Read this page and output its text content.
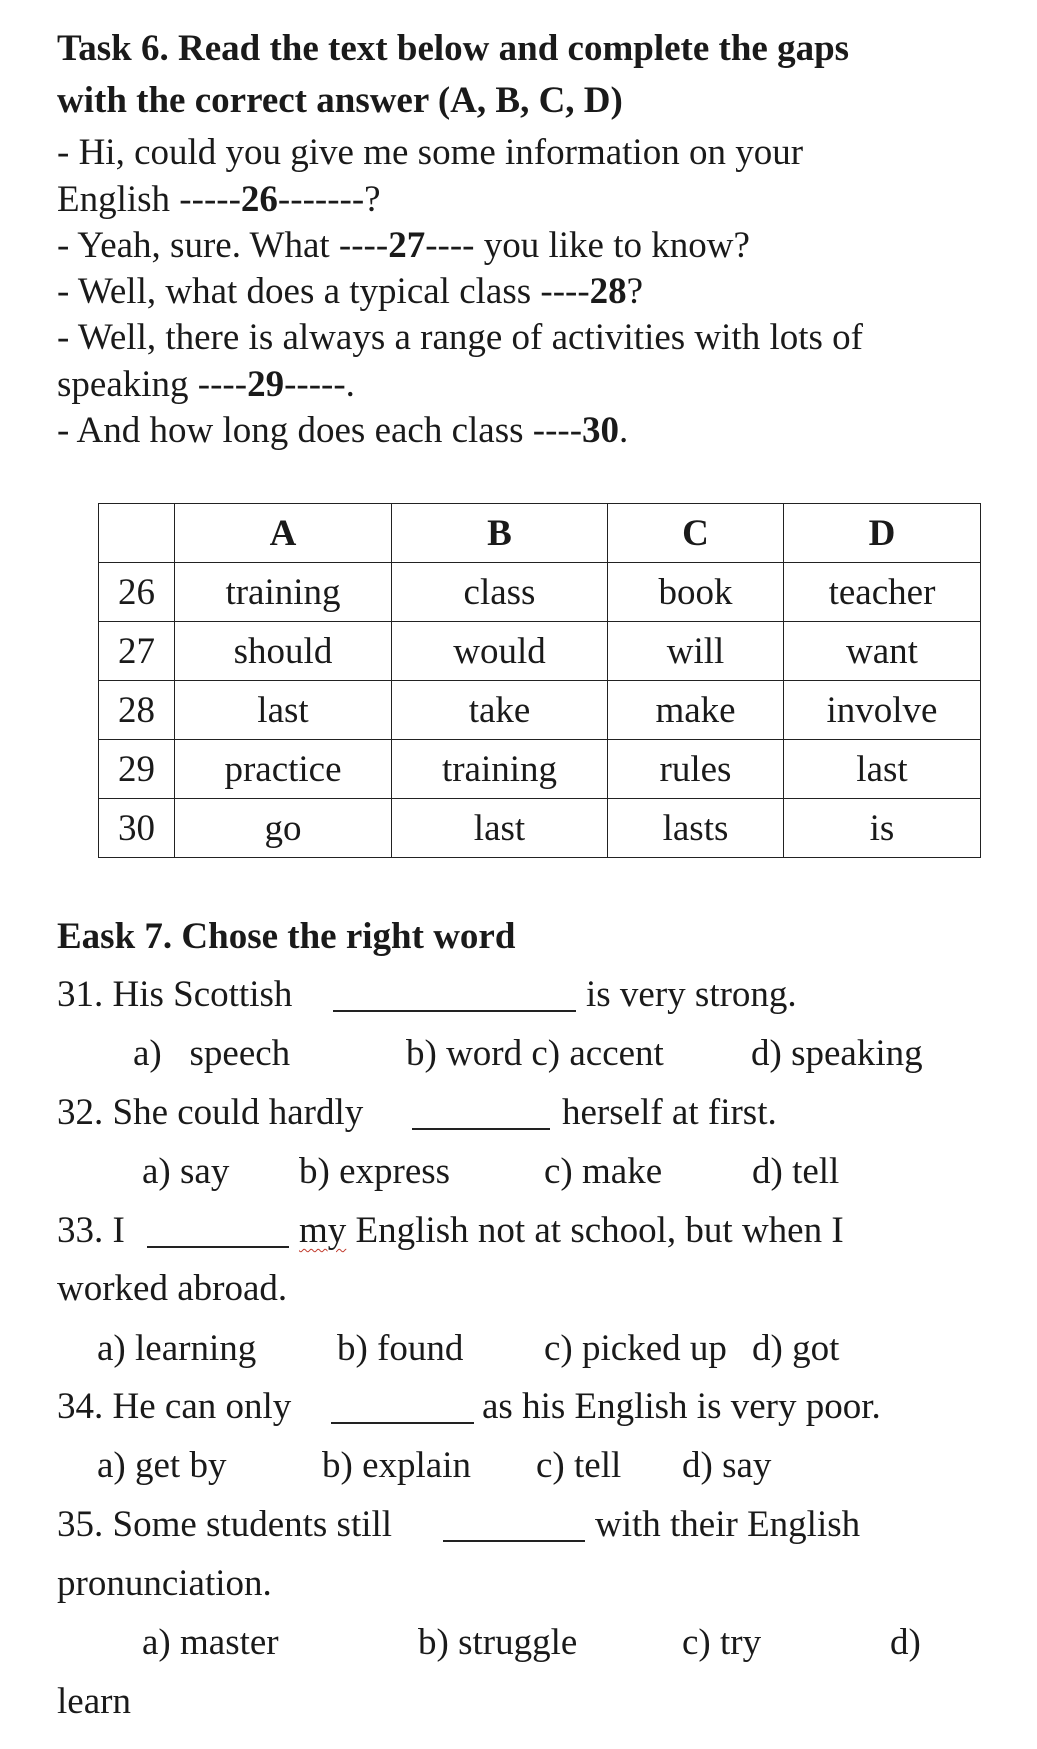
Task 6. Read the text below and complete the gaps
with the correct answer (A, B, C, D)
- Hi, could you give me some information on your
English -----26-------?
- Yeah, sure. What ----27---- you like to know?
- Well, what does a typical class ----28?
- Well, there is always a range of activities with lots of
speaking ----29-----.
- And how long does each class ----30.
	A	B	C	D
26	training	class	book	teacher
27	should	would	will	want
28	last	take	make	involve
29	practice	training	rules	last
30	go	last	lasts	is
Eask 7. Chose the right word
31. His Scottish	is very strong.
a)  speech	b) word c) accent d) speaking
32. She could hardly	herself at first.
a) say b) express	c) make d) tell
33. I	my English not at school, but when I
worked abroad.
a) learning b) found c) picked up d) got
34. He can only	as his English is very poor.
a) get by	b) explain c) tell d) say
35. Some students still	with their English
pronunciation.
a) master	b) struggle	c) try	d)
learn
